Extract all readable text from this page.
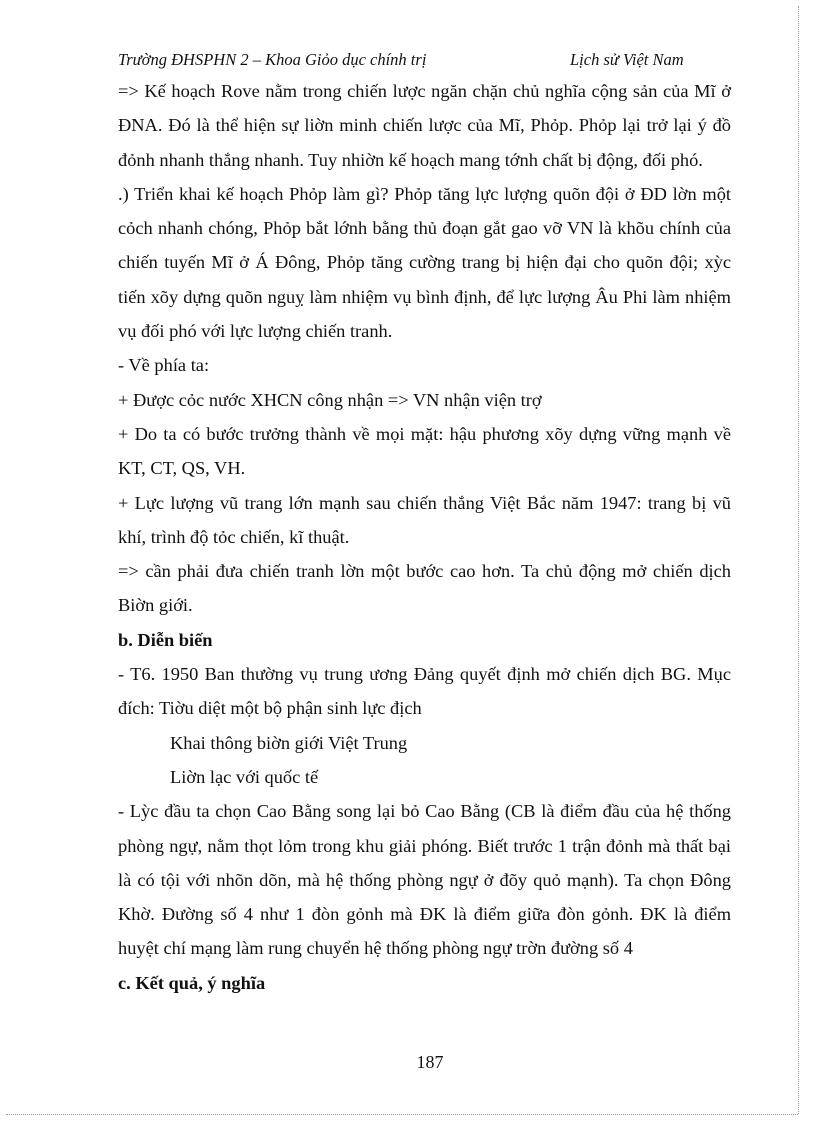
Trường ĐHSPHN 2 – Khoa Giỏo dục chính trị	Lịch sử Việt Nam

=> Kế hoạch Rove nằm trong chiến lược ngăn chặn chủ nghĩa cộng sản của Mĩ ở ĐNA. Đó là thể hiện sự liờn minh chiến lược của Mĩ, Phỏp. Phỏp lại trở lại ý đồ đỏnh nhanh thắng nhanh. Tuy nhiờn kế hoạch mang tớnh chất bị động, đối phó.

.) Triển khai kế hoạch Phỏp làm gì? Phỏp tăng lực lượng quõn đội ở ĐD lờn một cỏch nhanh chóng, Phỏp bắt lớnh bằng thủ đoạn gắt gao vỡ VN là khõu chính của chiến tuyến Mĩ ở Á Đông, Phỏp tăng cường trang bị hiện đại cho quõn đội; xỳc tiến xõy dựng quõn nguỵ làm nhiệm vụ bình định, để lực lượng Âu Phi làm nhiệm vụ đối phó với lực lượng chiến tranh.

- Về phía ta:

+ Được cỏc nước XHCN công nhận => VN nhận viện trợ

+ Do ta có bước trưởng thành về mọi mặt: hậu phương xõy dựng vững mạnh về KT, CT, QS, VH.

+ Lực lượng vũ trang lớn mạnh sau chiến thắng Việt Bắc năm 1947: trang bị vũ khí, trình độ tỏc chiến, kĩ thuật.

=> cần phải đưa chiến tranh lờn một bước cao hơn. Ta chủ động mở chiến dịch Biờn giới.

b. Diễn biến

- T6. 1950 Ban thường vụ trung ương Đảng quyết định mở chiến dịch BG. Mục đích: Tiờu diệt một bộ phận sinh lực địch

Khai thông biờn giới Việt Trung

Liờn lạc với quốc tế

- Lỳc đầu ta chọn Cao Bằng song lại bỏ Cao Bằng (CB là điểm đầu của hệ thống phòng ngự, nằm thọt lỏm trong khu giải phóng. Biết trước 1 trận đỏnh mà thất bại là có tội với nhõn dõn, mà hệ thống phòng ngự ở đõy quỏ mạnh). Ta chọn Đông Khờ. Đường số 4 như 1 đòn gỏnh mà ĐK là điểm giữa đòn gỏnh. ĐK là điểm huyệt chí mạng làm rung chuyển hệ thống phòng ngự trờn đường số 4

c. Kết quả, ý nghĩa

187
